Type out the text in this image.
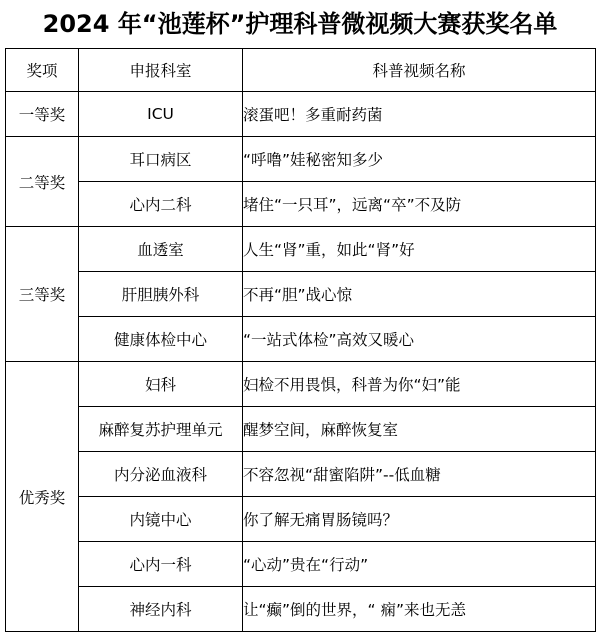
2024 年“池莲杯”护理科普微视频大赛获奖名单
奖项	申报科室	科普视频名称
一等奖	ICU	滚蛋吧！多重耐药菌
二等奖	耳口病区	“呼噜”娃秘密知多少
	心内二科	堵住“一只耳”，远离“卒”不及防
三等奖	血透室	人生“肾”重，如此“肾”好
	肝胆胰外科	不再“胆”战心惊
	健康体检中心	“一站式体检”高效又暖心
优秀奖	妇科	妇检不用畏惧，科普为你“妇”能
	麻醉复苏护理单元	醒梦空间，麻醉恢复室
	内分泌血液科	不容忽视“甜蜜陷阱”--低血糖
	内镜中心	你了解无痛胃肠镜吗？
	心内一科	“心动”贵在“行动”
	神经内科	让“癫”倒的世界，“ 痫”来也无恙
